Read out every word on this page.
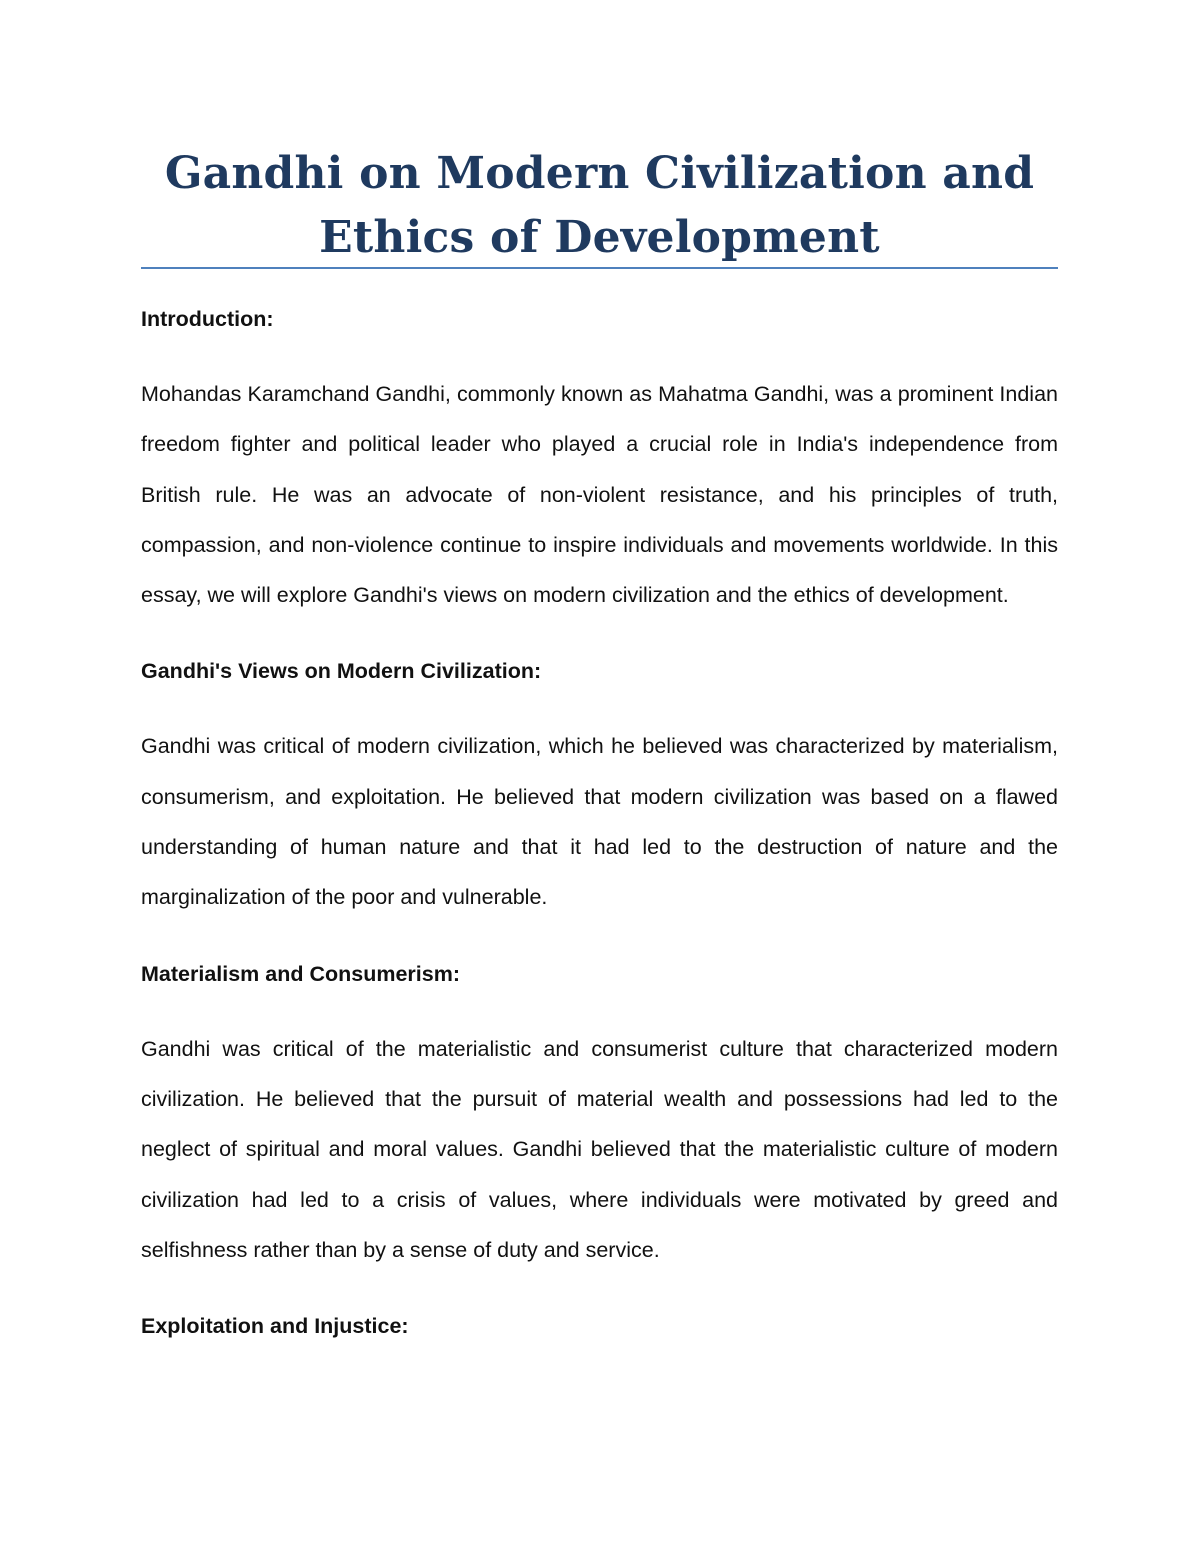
Gandhi on Modern Civilization and Ethics of Development

Introduction:

Mohandas Karamchand Gandhi, commonly known as Mahatma Gandhi, was a prominent Indian freedom fighter and political leader who played a crucial role in India's independence from British rule. He was an advocate of non-violent resistance, and his principles of truth, compassion, and non-violence continue to inspire individuals and movements worldwide. In this essay, we will explore Gandhi's views on modern civilization and the ethics of development.

Gandhi's Views on Modern Civilization:

Gandhi was critical of modern civilization, which he believed was characterized by materialism, consumerism, and exploitation. He believed that modern civilization was based on a flawed understanding of human nature and that it had led to the destruction of nature and the marginalization of the poor and vulnerable.

Materialism and Consumerism:

Gandhi was critical of the materialistic and consumerist culture that characterized modern civilization. He believed that the pursuit of material wealth and possessions had led to the neglect of spiritual and moral values. Gandhi believed that the materialistic culture of modern civilization had led to a crisis of values, where individuals were motivated by greed and selfishness rather than by a sense of duty and service.

Exploitation and Injustice:
